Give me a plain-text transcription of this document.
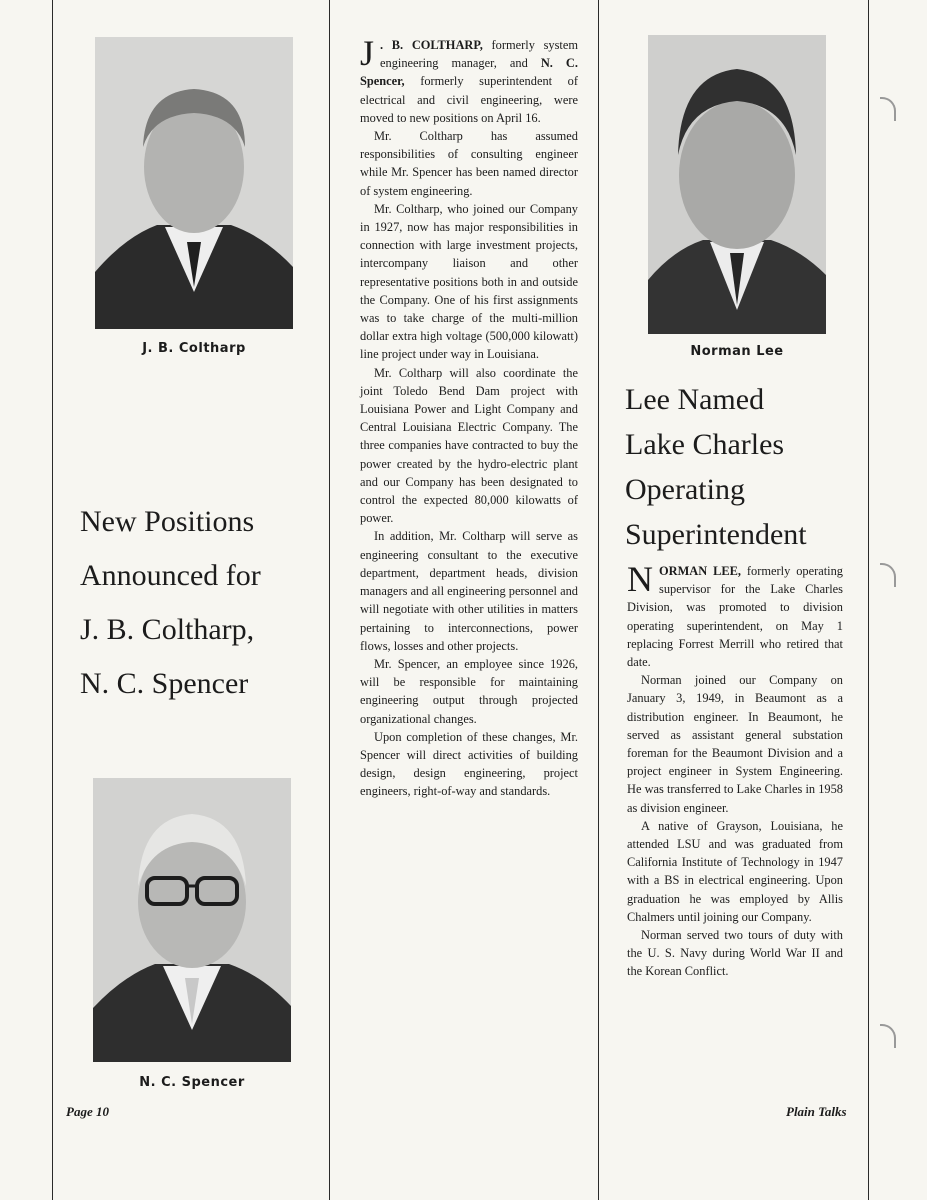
J. B. Coltharp
New Positions
Announced for
J. B. Coltharp,
N. C. Spencer
N. C. Spencer
Page 10

J . B. COLTHARP, formerly system engineering manager, and N. C. Spencer, formerly superintendent of electrical and civil engineering, were moved to new positions on April 16.

Mr. Coltharp has assumed responsibilities of consulting engineer while Mr. Spencer has been named director of system engineering.

Mr. Coltharp, who joined our Company in 1927, now has major responsibilities in connection with large investment projects, intercompany liaison and other representative positions both in and outside the Company. One of his first assignments was to take charge of the multi-million dollar extra high voltage (500,000 kilowatt) line project under way in Louisiana.

Mr. Coltharp will also coordinate the joint Toledo Bend Dam project with Louisiana Power and Light Company and Central Louisiana Electric Company. The three companies have contracted to buy the power created by the hydro-electric plant and our Company has been designated to control the expected 80,000 kilowatts of power.

In addition, Mr. Coltharp will serve as engineering consultant to the executive department, department heads, division managers and all engineering personnel and will negotiate with other utilities in matters pertaining to interconnections, power flows, losses and other projects.

Mr. Spencer, an employee since 1926, will be responsible for maintaining engineering output through projected organizational changes.

Upon completion of these changes, Mr. Spencer will direct activities of building design, design engineering, project engineers, right-of-way and standards.

Norman Lee
Lee Named
Lake Charles
Operating
Superintendent

NORMAN LEE, formerly operating supervisor for the Lake Charles Division, was promoted to division operating superintendent, on May 1 replacing Forrest Merrill who retired that date.

Norman joined our Company on January 3, 1949, in Beaumont as a distribution engineer. In Beaumont, he served as assistant general substation foreman for the Beaumont Division and a project engineer in System Engineering. He was transferred to Lake Charles in 1958 as division engineer.

A native of Grayson, Louisiana, he attended LSU and was graduated from California Institute of Technology in 1947 with a BS in electrical engineering. Upon graduation he was employed by Allis Chalmers until joining our Company.

Norman served two tours of duty with the U. S. Navy during World War II and the Korean Conflict.

Plain Talks
